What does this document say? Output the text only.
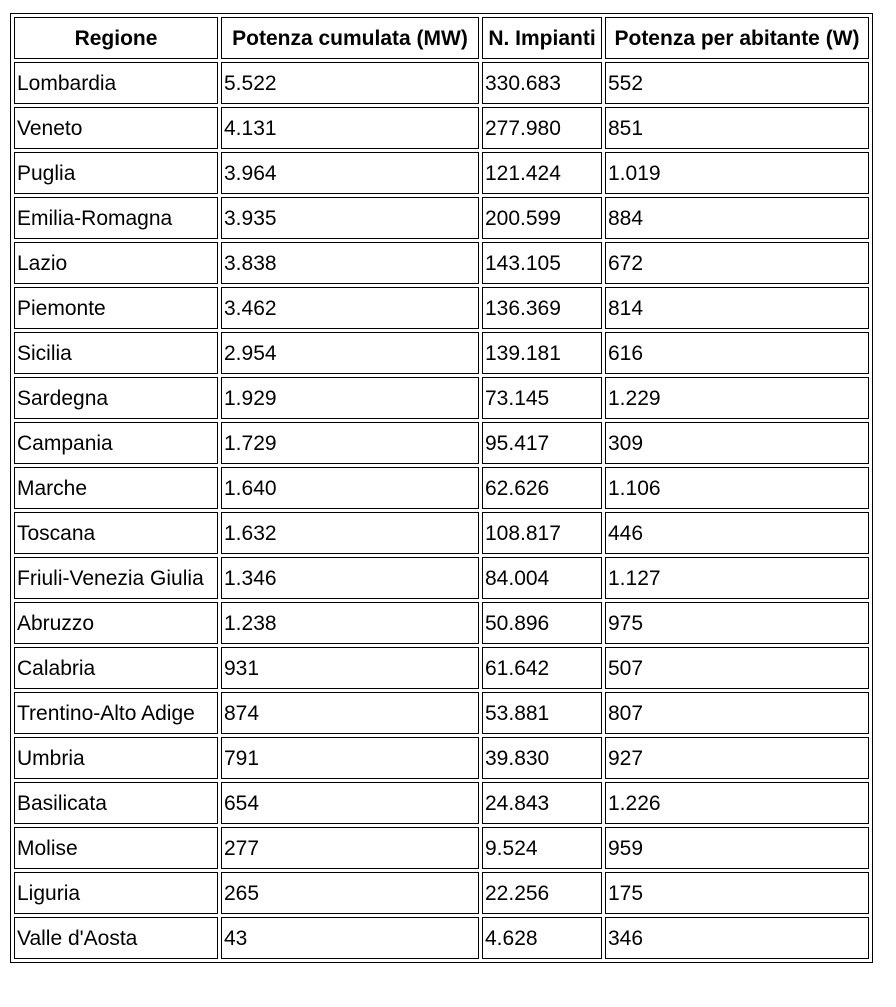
Regione	Potenza cumulata (MW)	N. Impianti	Potenza per abitante (W)
Lombardia	5.522	330.683	552
Veneto	4.131	277.980	851
Puglia	3.964	121.424	1.019
Emilia-Romagna	3.935	200.599	884
Lazio	3.838	143.105	672
Piemonte	3.462	136.369	814
Sicilia	2.954	139.181	616
Sardegna	1.929	73.145	1.229
Campania	1.729	95.417	309
Marche	1.640	62.626	1.106
Toscana	1.632	108.817	446
Friuli-Venezia Giulia	1.346	84.004	1.127
Abruzzo	1.238	50.896	975
Calabria	931	61.642	507
Trentino-Alto Adige	874	53.881	807
Umbria	791	39.830	927
Basilicata	654	24.843	1.226
Molise	277	9.524	959
Liguria	265	22.256	175
Valle d'Aosta	43	4.628	346
